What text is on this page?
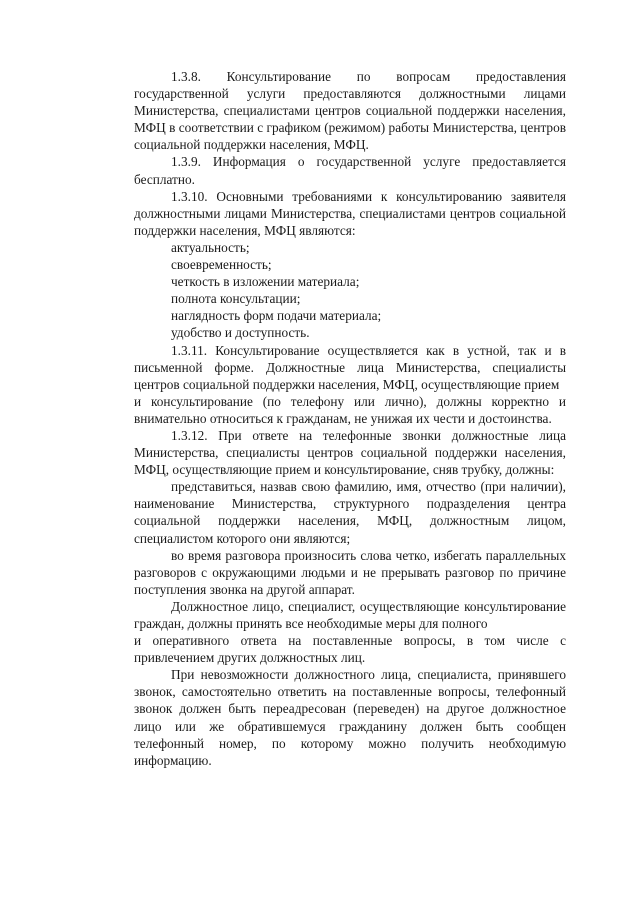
1.3.8. Консультирование по вопросам предоставления государственной услуги предоставляются должностными лицами Министерства, специалистами центров социальной поддержки населения, МФЦ в соответствии с графиком (режимом) работы Министерства, центров социальной поддержки населения, МФЦ.

1.3.9. Информация о государственной услуге предоставляется бесплатно.

1.3.10. Основными требованиями к консультированию заявителя должностными лицами Министерства, специалистами центров социальной поддержки населения, МФЦ являются:

актуальность;

своевременность;

четкость в изложении материала;

полнота консультации;

наглядность форм подачи материала;

удобство и доступность.

1.3.11. Консультирование осуществляется как в устной, так и в письменной форме. Должностные лица Министерства, специалисты центров социальной поддержки населения, МФЦ, осуществляющие прием

и консультирование (по телефону или лично), должны корректно и внимательно относиться к гражданам, не унижая их чести и достоинства.

1.3.12. При ответе на телефонные звонки должностные лица Министерства, специалисты центров социальной поддержки населения, МФЦ, осуществляющие прием и консультирование, сняв трубку, должны:

представиться, назвав свою фамилию, имя, отчество (при наличии), наименование Министерства, структурного подразделения центра социальной поддержки населения, МФЦ, должностным лицом, специалистом которого они являются;

во время разговора произносить слова четко, избегать параллельных разговоров с окружающими людьми и не прерывать разговор по причине поступления звонка на другой аппарат.

Должностное лицо, специалист, осуществляющие консультирование граждан, должны принять все необходимые меры для полного

и оперативного ответа на поставленные вопросы, в том числе с привлечением других должностных лиц.

При невозможности должностного лица, специалиста, принявшего звонок, самостоятельно ответить на поставленные вопросы, телефонный звонок должен быть переадресован (переведен) на другое должностное лицо или же обратившемуся гражданину должен быть сообщен телефонный номер, по которому можно получить необходимую информацию.
